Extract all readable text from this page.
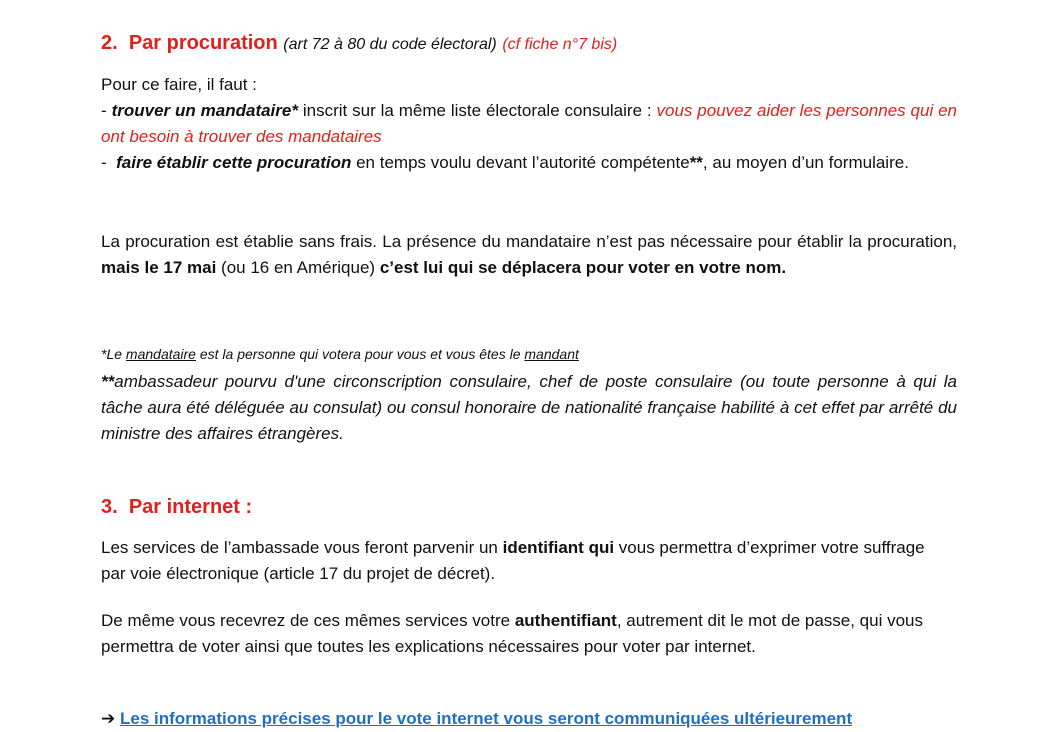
2. Par procuration (art 72 à 80 du code électoral) (cf fiche n°7 bis)
Pour ce faire, il faut :
- trouver un mandataire* inscrit sur la même liste électorale consulaire : vous pouvez aider les personnes qui en ont besoin à trouver des mandataires
- faire établir cette procuration en temps voulu devant l’autorité compétente**, au moyen d’un formulaire.
La procuration est établie sans frais. La présence du mandataire n’est pas nécessaire pour établir la procuration, mais le 17 mai (ou 16 en Amérique) c’est lui qui se déplacera pour voter en votre nom.
*Le mandataire est la personne qui votera pour vous et vous êtes le mandant
**ambassadeur pourvu d'une circonscription consulaire, chef de poste consulaire (ou toute personne à qui la tâche aura été déléguée au consulat) ou consul honoraire de nationalité française habilité à cet effet par arrêté du ministre des affaires étrangères.
3. Par internet :
Les services de l’ambassade vous feront parvenir un identifiant qui vous permettra d’exprimer votre suffrage par voie électronique (article 17 du projet de décret).
De même vous recevrez de ces mêmes services votre authentifiant, autrement dit le mot de passe, qui vous permettra de voter ainsi que toutes les explications nécessaires pour voter par internet.
➔ Les informations précises pour le vote internet vous seront communiquées ultérieurement
